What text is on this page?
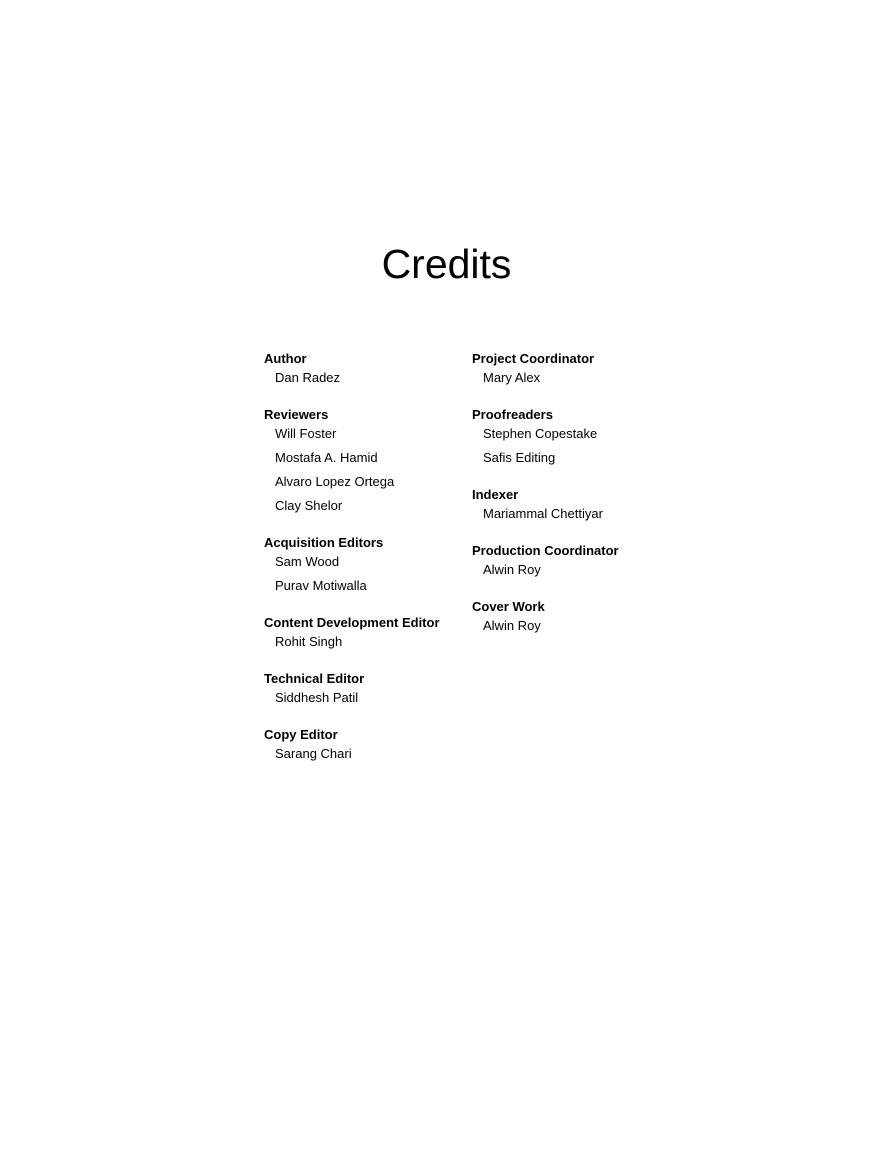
Credits
Author
Dan Radez
Reviewers
Will Foster
Mostafa A. Hamid
Alvaro Lopez Ortega
Clay Shelor
Acquisition Editors
Sam Wood
Purav Motiwalla
Content Development Editor
Rohit Singh
Technical Editor
Siddhesh Patil
Copy Editor
Sarang Chari
Project Coordinator
Mary Alex
Proofreaders
Stephen Copestake
Safis Editing
Indexer
Mariammal Chettiyar
Production Coordinator
Alwin Roy
Cover Work
Alwin Roy
